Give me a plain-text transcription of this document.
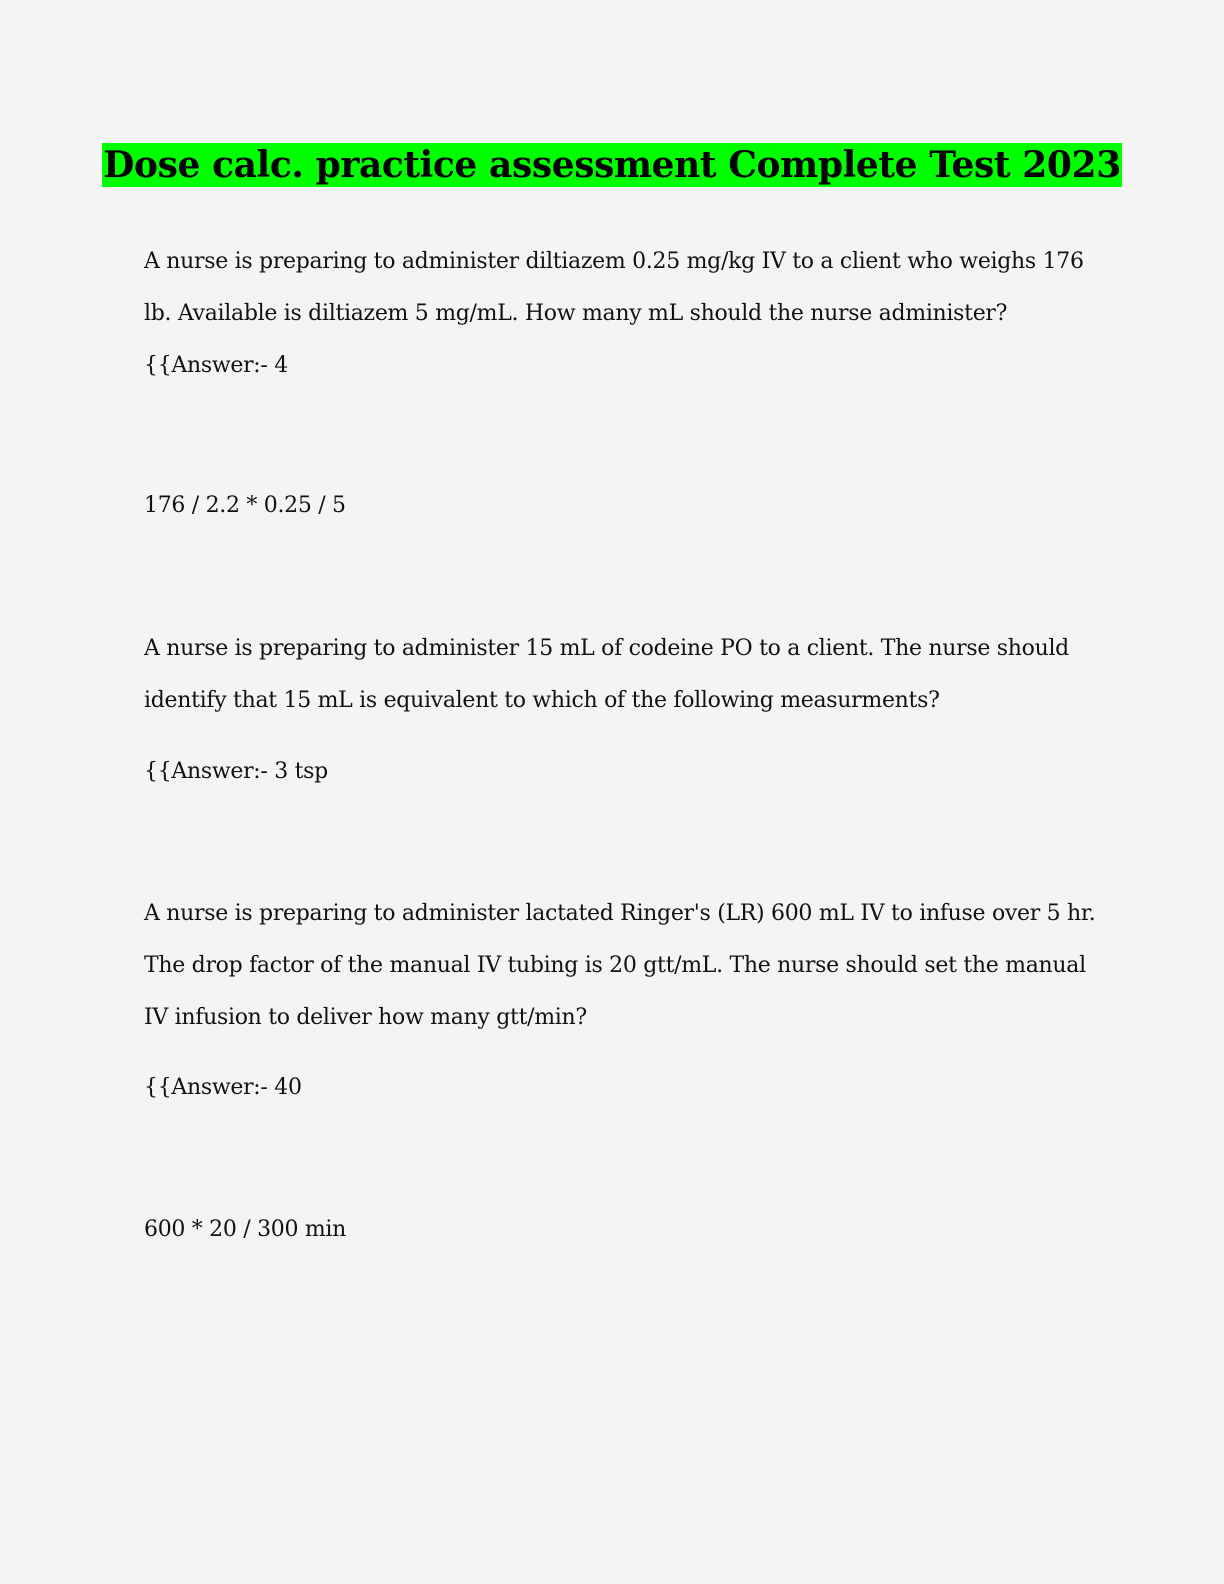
Dose calc. practice assessment Complete Test 2023
A nurse is preparing to administer diltiazem 0.25 mg/kg IV to a client who weighs 176
lb. Available is diltiazem 5 mg/mL. How many mL should the nurse administer?
{{Answer:- 4
176 / 2.2 * 0.25 / 5
A nurse is preparing to administer 15 mL of codeine PO to a client. The nurse should
identify that 15 mL is equivalent to which of the following measurments?
{{Answer:- 3 tsp
A nurse is preparing to administer lactated Ringer's (LR) 600 mL IV to infuse over 5 hr.
The drop factor of the manual IV tubing is 20 gtt/mL. The nurse should set the manual
IV infusion to deliver how many gtt/min?
{{Answer:- 40
600 * 20 / 300 min
